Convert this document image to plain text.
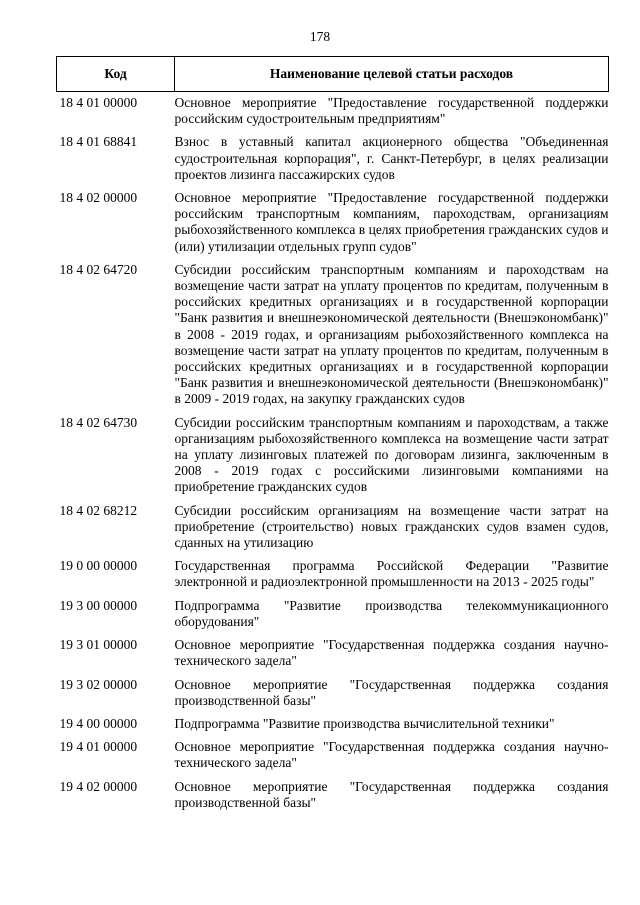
178
Код	Наименование целевой статьи расходов
18 4 01 00000	Основное мероприятие "Предоставление государственной поддержки российским судостроительным предприятиям"
18 4 01 68841	Взнос в уставный капитал акционерного общества "Объединенная судостроительная корпорация", г. Санкт-Петербург, в целях реализации проектов лизинга пассажирских судов
18 4 02 00000	Основное мероприятие "Предоставление государственной поддержки российским транспортным компаниям, пароходствам, организациям рыбохозяйственного комплекса в целях приобретения гражданских судов и (или) утилизации отдельных групп судов"
18 4 02 64720	Субсидии российским транспортным компаниям и пароходствам на возмещение части затрат на уплату процентов по кредитам, полученным в российских кредитных организациях и в государственной корпорации "Банк развития и внешнеэкономической деятельности (Внешэкономбанк)" в 2008 - 2019 годах, и организациям рыбохозяйственного комплекса на возмещение части затрат на уплату процентов по кредитам, полученным в российских кредитных организациях и в государственной корпорации "Банк развития и внешнеэкономической деятельности (Внешэкономбанк)" в 2009 - 2019 годах, на закупку гражданских судов
18 4 02 64730	Субсидии российским транспортным компаниям и пароходствам, а также организациям рыбохозяйственного комплекса на возмещение части затрат на уплату лизинговых платежей по договорам лизинга, заключенным в 2008 - 2019 годах с российскими лизинговыми компаниями на приобретение гражданских судов
18 4 02 68212	Субсидии российским организациям на возмещение части затрат на приобретение (строительство) новых гражданских судов взамен судов, сданных на утилизацию
19 0 00 00000	Государственная программа Российской Федерации "Развитие электронной и радиоэлектронной промышленности на 2013 - 2025 годы"
19 3 00 00000	Подпрограмма "Развитие производства телекоммуникационного оборудования"
19 3 01 00000	Основное мероприятие "Государственная поддержка создания научно-технического задела"
19 3 02 00000	Основное мероприятие "Государственная поддержка создания производственной базы"
19 4 00 00000	Подпрограмма "Развитие производства вычислительной техники"
19 4 01 00000	Основное мероприятие "Государственная поддержка создания научно-технического задела"
19 4 02 00000	Основное мероприятие "Государственная поддержка создания производственной базы"
